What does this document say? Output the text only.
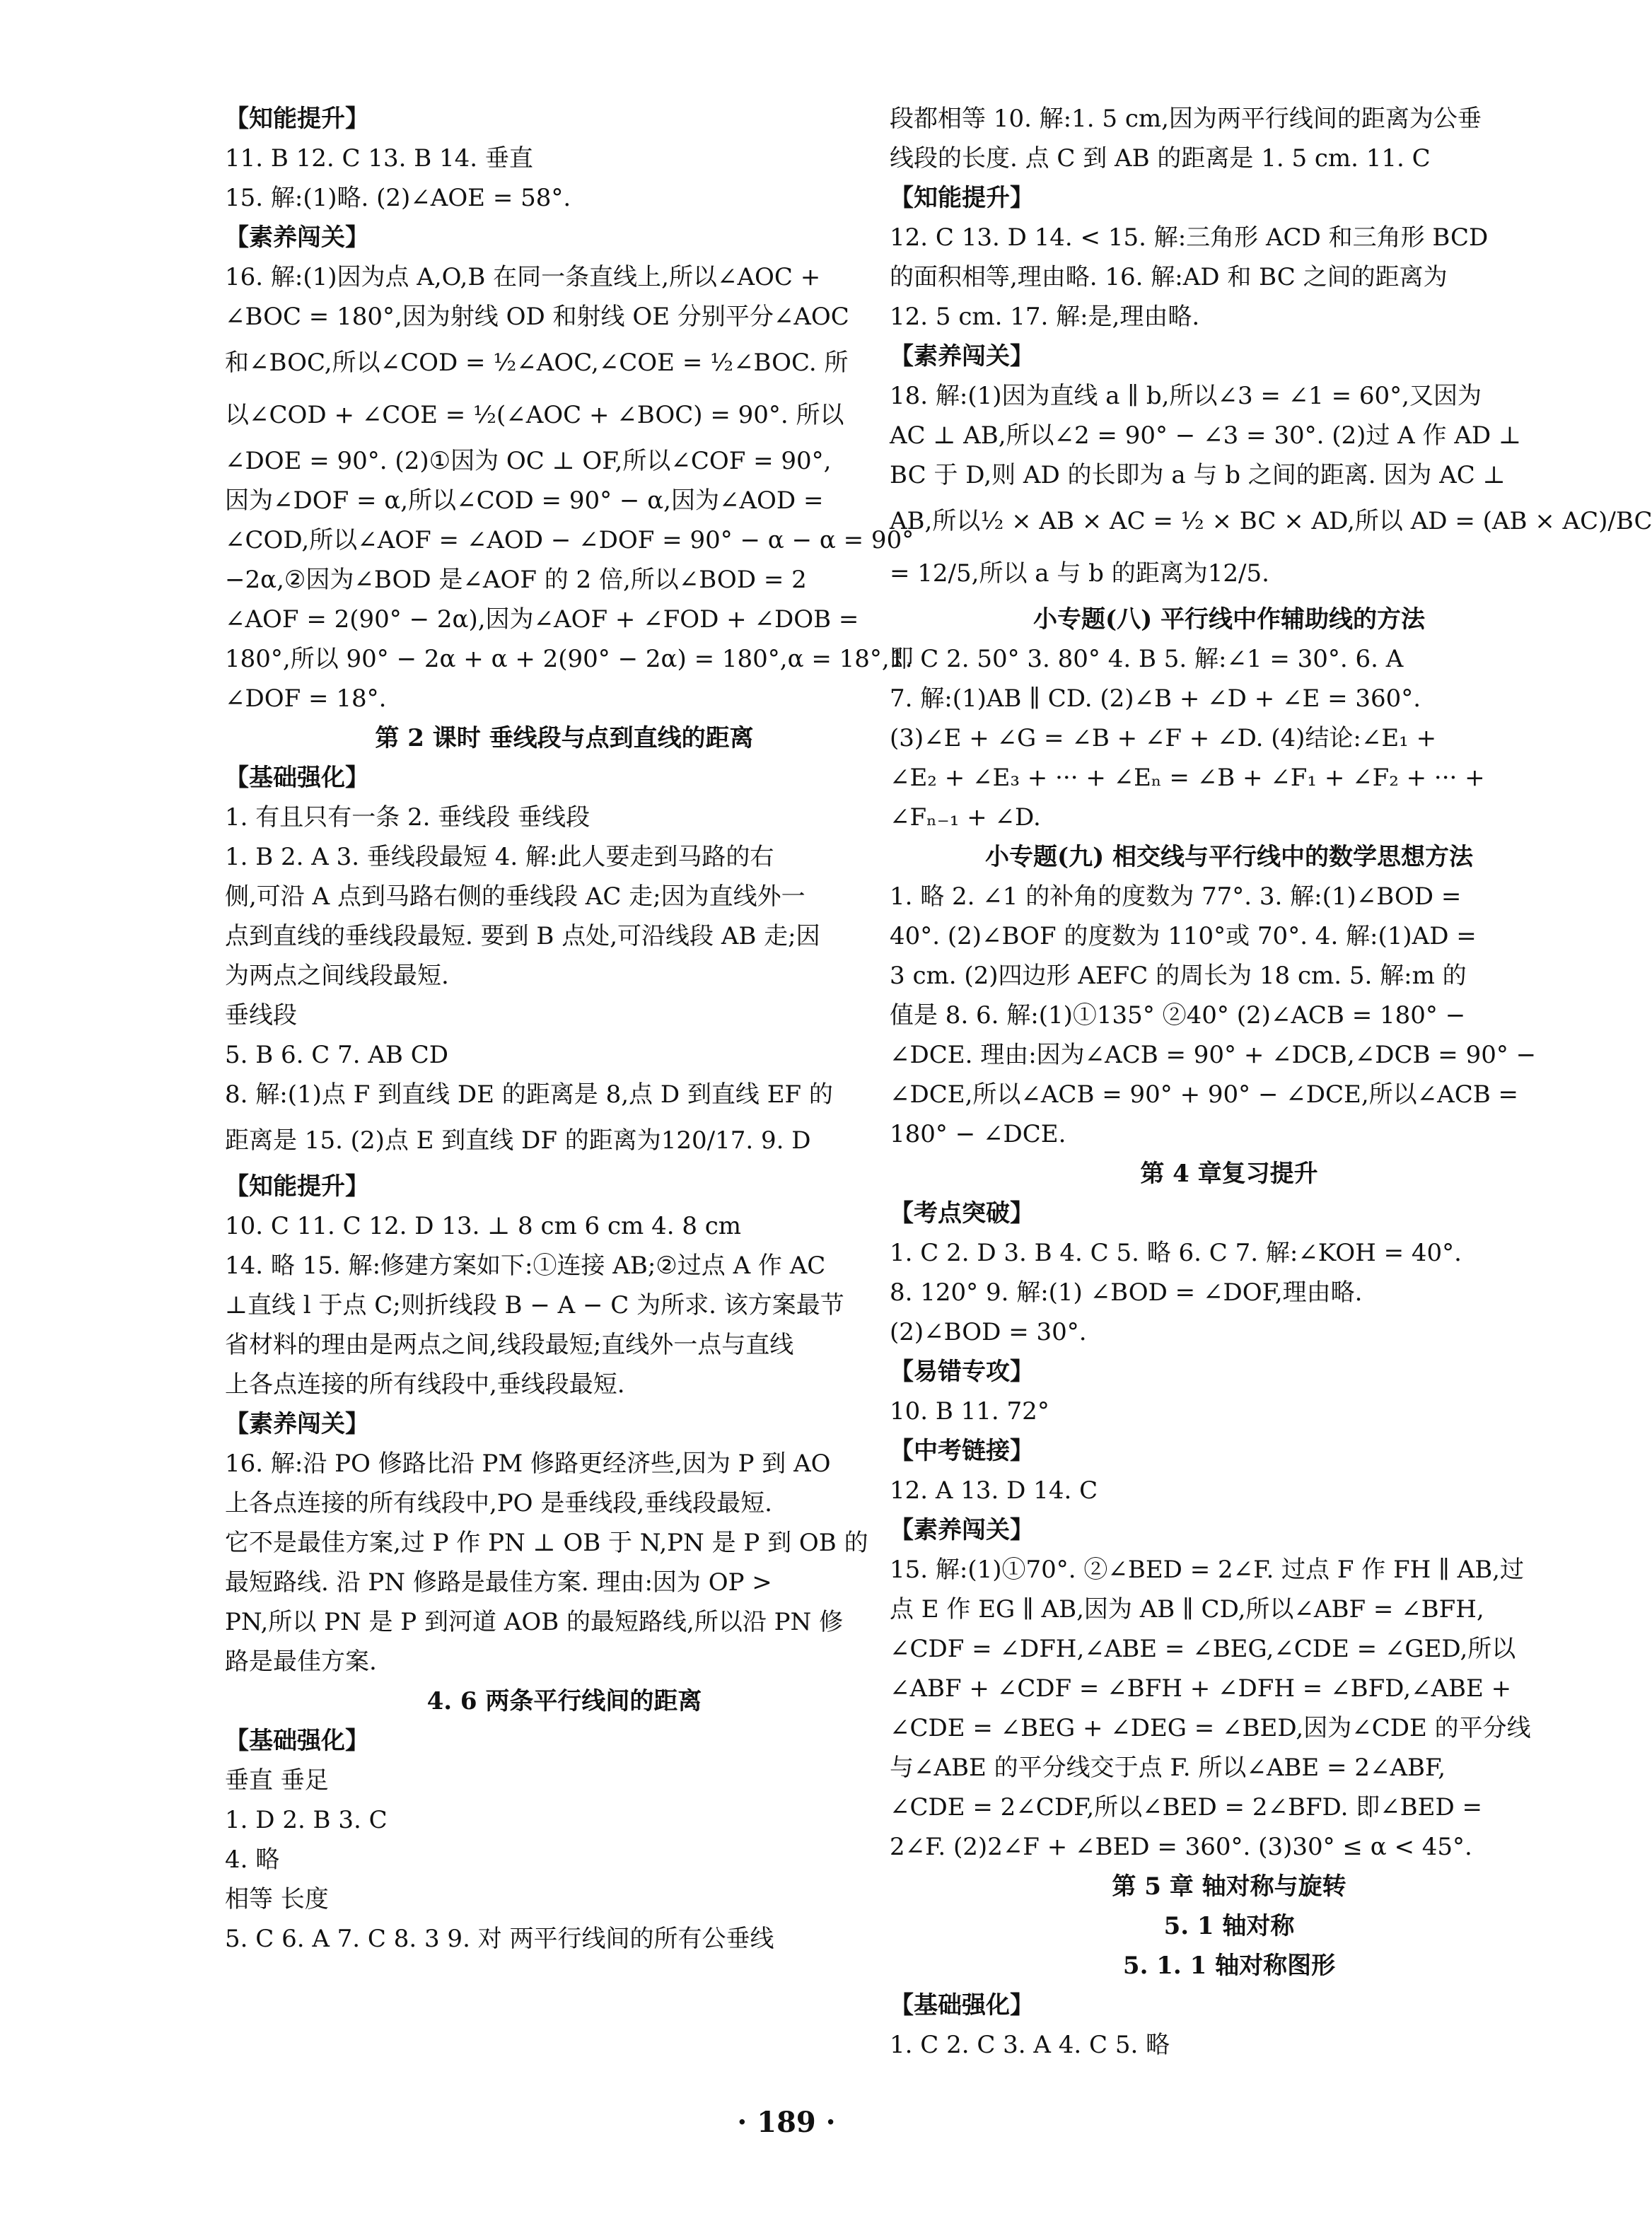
【知能提升】
11. B 12. C 13. B 14. 垂直
15. 解:(1)略. (2)∠AOE = 58°.
【素养闯关】
16. 解:(1)因为点 A,O,B 在同一条直线上,所以∠AOC +
∠BOC = 180°,因为射线 OD 和射线 OE 分别平分∠AOC
和∠BOC,所以∠COD = ½∠AOC,∠COE = ½∠BOC. 所
以∠COD + ∠COE = ½(∠AOC + ∠BOC) = 90°. 所以
∠DOE = 90°. (2)①因为 OC ⊥ OF,所以∠COF = 90°,
因为∠DOF = α,所以∠COD = 90° − α,因为∠AOD =
∠COD,所以∠AOF = ∠AOD − ∠DOF = 90° − α − α = 90°
−2α,②因为∠BOD 是∠AOF 的 2 倍,所以∠BOD = 2
∠AOF = 2(90° − 2α),因为∠AOF + ∠FOD + ∠DOB =
180°,所以 90° − 2α + α + 2(90° − 2α) = 180°,α = 18°,即
∠DOF = 18°.
第 2 课时 垂线段与点到直线的距离
【基础强化】
1. 有且只有一条 2. 垂线段 垂线段
1. B 2. A 3. 垂线段最短 4. 解:此人要走到马路的右
侧,可沿 A 点到马路右侧的垂线段 AC 走;因为直线外一
点到直线的垂线段最短. 要到 B 点处,可沿线段 AB 走;因
为两点之间线段最短.
垂线段
5. B 6. C 7. AB CD
8. 解:(1)点 F 到直线 DE 的距离是 8,点 D 到直线 EF 的
距离是 15. (2)点 E 到直线 DF 的距离为120/17. 9. D
【知能提升】
10. C 11. C 12. D 13. ⊥ 8 cm 6 cm 4. 8 cm
14. 略 15. 解:修建方案如下:①连接 AB;②过点 A 作 AC
⊥直线 l 于点 C;则折线段 B − A − C 为所求. 该方案最节
省材料的理由是两点之间,线段最短;直线外一点与直线
上各点连接的所有线段中,垂线段最短.
【素养闯关】
16. 解:沿 PO 修路比沿 PM 修路更经济些,因为 P 到 AO
上各点连接的所有线段中,PO 是垂线段,垂线段最短.
它不是最佳方案,过 P 作 PN ⊥ OB 于 N,PN 是 P 到 OB 的
最短路线. 沿 PN 修路是最佳方案. 理由:因为 OP >
PN,所以 PN 是 P 到河道 AOB 的最短路线,所以沿 PN 修
路是最佳方案.
4. 6 两条平行线间的距离
【基础强化】
垂直 垂足
1. D 2. B 3. C
4. 略
相等 长度
5. C 6. A 7. C 8. 3 9. 对 两平行线间的所有公垂线
段都相等 10. 解:1. 5 cm,因为两平行线间的距离为公垂
线段的长度. 点 C 到 AB 的距离是 1. 5 cm. 11. C
【知能提升】
12. C 13. D 14. < 15. 解:三角形 ACD 和三角形 BCD
的面积相等,理由略. 16. 解:AD 和 BC 之间的距离为
12. 5 cm. 17. 解:是,理由略.
【素养闯关】
18. 解:(1)因为直线 a ∥ b,所以∠3 = ∠1 = 60°,又因为
AC ⊥ AB,所以∠2 = 90° − ∠3 = 30°. (2)过 A 作 AD ⊥
BC 于 D,则 AD 的长即为 a 与 b 之间的距离. 因为 AC ⊥
AB,所以½ × AB × AC = ½ × BC × AD,所以 AD = (AB × AC)/BC
= 12/5,所以 a 与 b 的距离为12/5.
小专题(八) 平行线中作辅助线的方法
1. C 2. 50° 3. 80° 4. B 5. 解:∠1 = 30°. 6. A
7. 解:(1)AB ∥ CD. (2)∠B + ∠D + ∠E = 360°.
(3)∠E + ∠G = ∠B + ∠F + ∠D. (4)结论:∠E₁ +
∠E₂ + ∠E₃ + ··· + ∠Eₙ = ∠B + ∠F₁ + ∠F₂ + ··· +
∠Fₙ₋₁ + ∠D.
小专题(九) 相交线与平行线中的数学思想方法
1. 略 2. ∠1 的补角的度数为 77°. 3. 解:(1)∠BOD =
40°. (2)∠BOF 的度数为 110°或 70°. 4. 解:(1)AD =
3 cm. (2)四边形 AEFC 的周长为 18 cm. 5. 解:m 的
值是 8. 6. 解:(1)①135° ②40° (2)∠ACB = 180° −
∠DCE. 理由:因为∠ACB = 90° + ∠DCB,∠DCB = 90° −
∠DCE,所以∠ACB = 90° + 90° − ∠DCE,所以∠ACB =
180° − ∠DCE.
第 4 章复习提升
【考点突破】
1. C 2. D 3. B 4. C 5. 略 6. C 7. 解:∠KOH = 40°.
8. 120° 9. 解:(1) ∠BOD = ∠DOF,理由略.
(2)∠BOD = 30°.
【易错专攻】
10. B 11. 72°
【中考链接】
12. A 13. D 14. C
【素养闯关】
15. 解:(1)①70°. ②∠BED = 2∠F. 过点 F 作 FH ∥ AB,过
点 E 作 EG ∥ AB,因为 AB ∥ CD,所以∠ABF = ∠BFH,
∠CDF = ∠DFH,∠ABE = ∠BEG,∠CDE = ∠GED,所以
∠ABF + ∠CDF = ∠BFH + ∠DFH = ∠BFD,∠ABE +
∠CDE = ∠BEG + ∠DEG = ∠BED,因为∠CDE 的平分线
与∠ABE 的平分线交于点 F. 所以∠ABE = 2∠ABF,
∠CDE = 2∠CDF,所以∠BED = 2∠BFD. 即∠BED =
2∠F. (2)2∠F + ∠BED = 360°. (3)30° ≤ α < 45°.
第 5 章 轴对称与旋转
5. 1 轴对称
5. 1. 1 轴对称图形
【基础强化】
1. C 2. C 3. A 4. C 5. 略
· 189 ·
